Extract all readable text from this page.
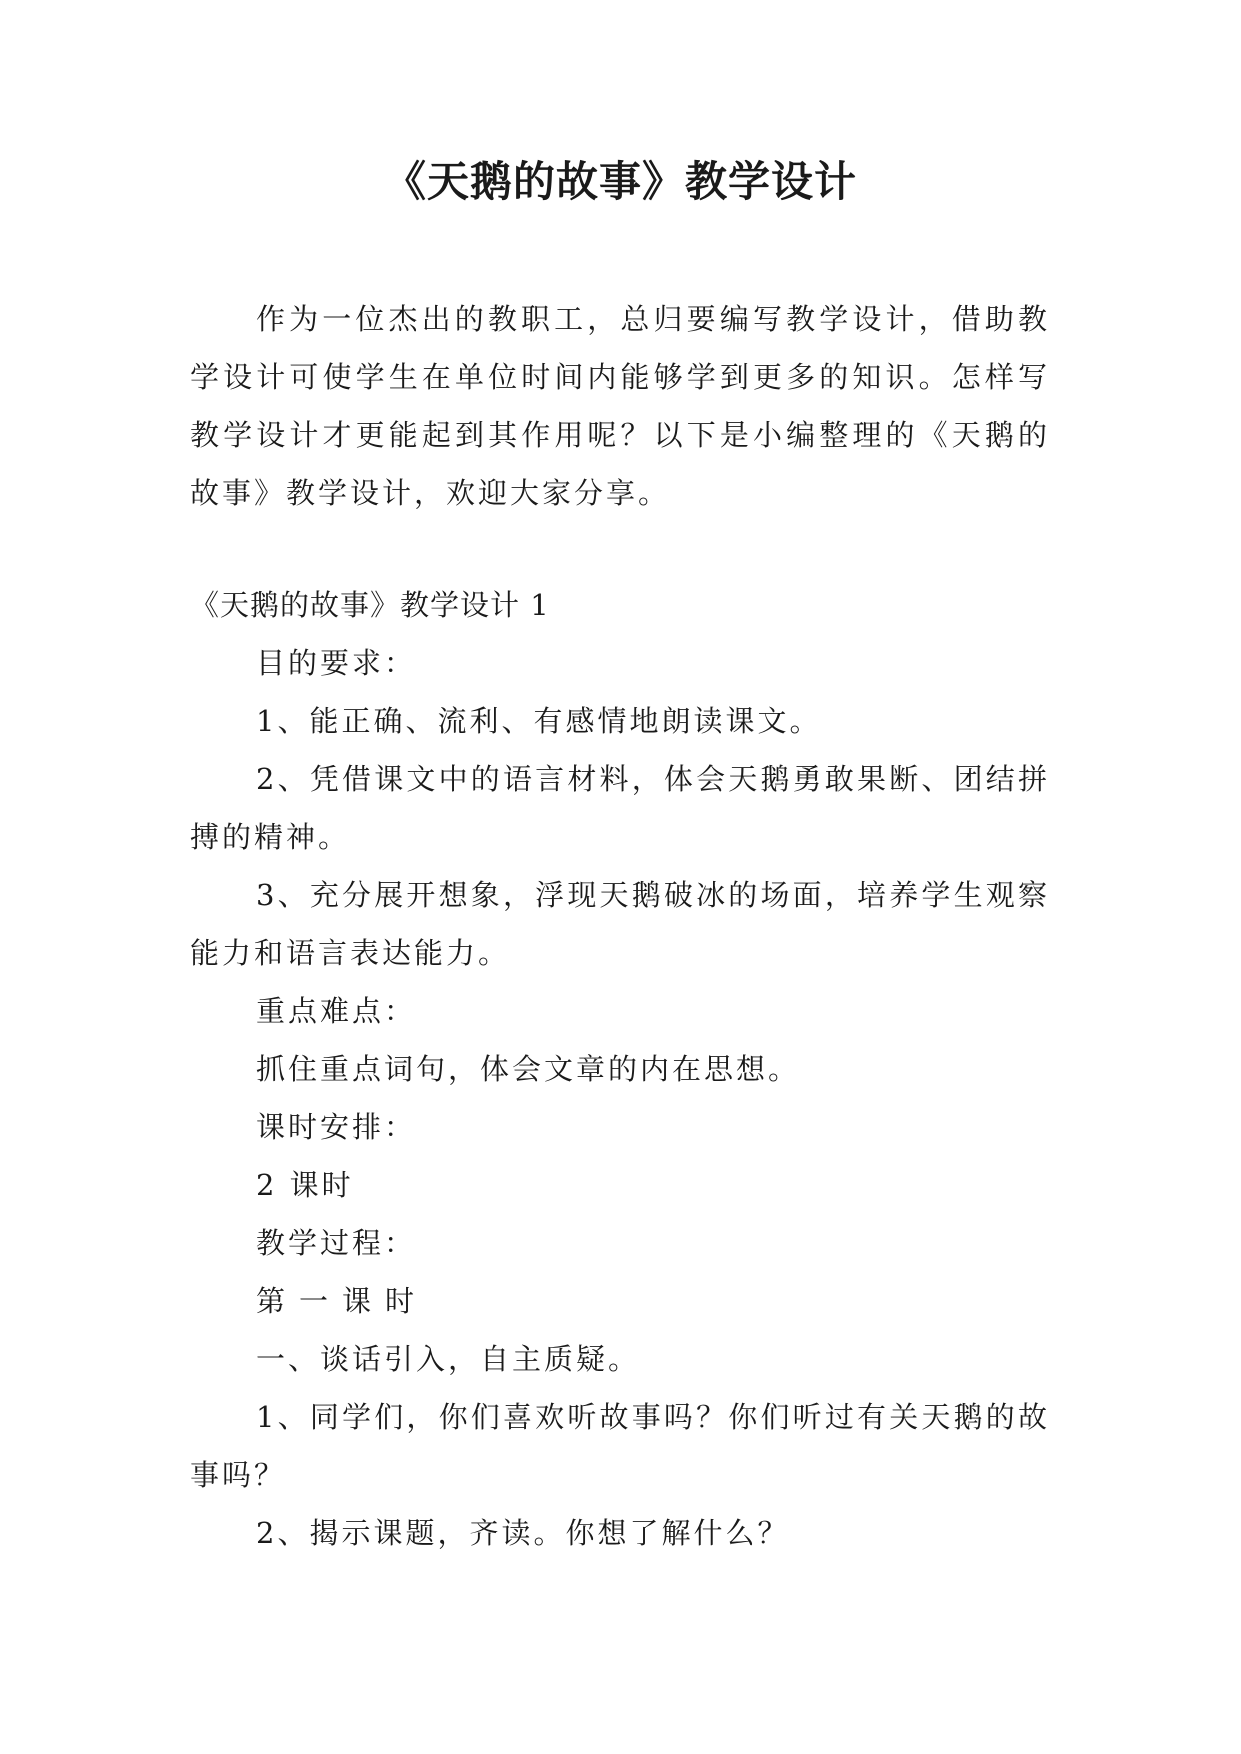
《天鹅的故事》教学设计

作为一位杰出的教职工，总归要编写教学设计，借助教学设计可使学生在单位时间内能够学到更多的知识。怎样写教学设计才更能起到其作用呢？以下是小编整理的《天鹅的故事》教学设计，欢迎大家分享。

《天鹅的故事》教学设计 1

目的要求：

1、能正确、流利、有感情地朗读课文。

2、凭借课文中的语言材料，体会天鹅勇敢果断、团结拼搏的精神。

3、充分展开想象，浮现天鹅破冰的场面，培养学生观察能力和语言表达能力。

重点难点：

抓住重点词句，体会文章的内在思想。

课时安排：

2 课时

教学过程：

第一课时

一、谈话引入，自主质疑。

1、同学们，你们喜欢听故事吗？你们听过有关天鹅的故事吗？

2、揭示课题，齐读。你想了解什么？
